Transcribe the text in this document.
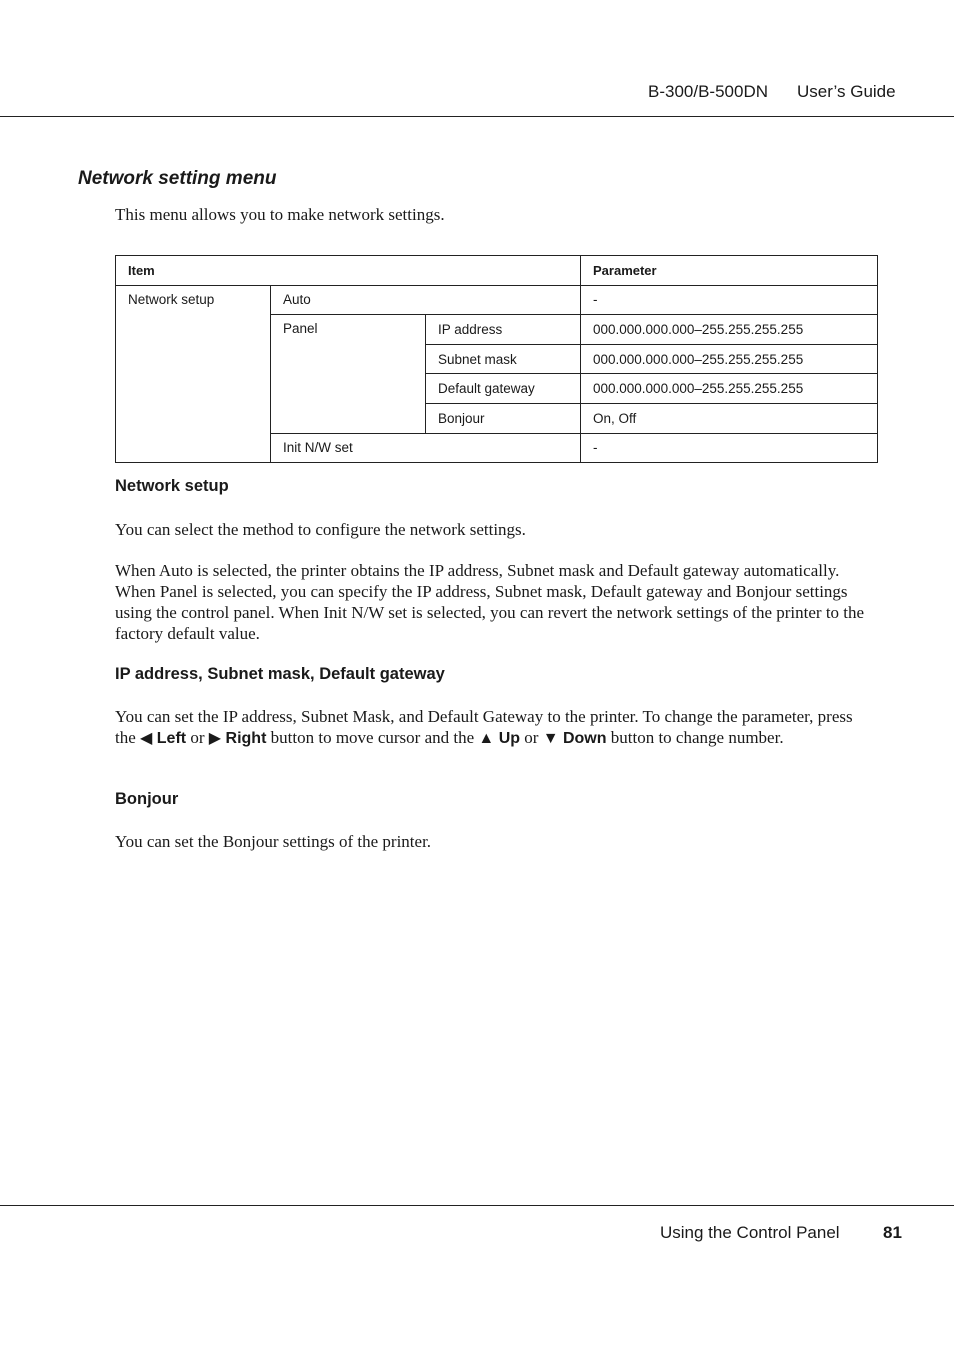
B-300/B-500DN User’s Guide
Network setting menu
This menu allows you to make network settings.
Item			Parameter
Network setup	Auto		-
	Panel	IP address	000.000.000.000–255.255.255.255
		Subnet mask	000.000.000.000–255.255.255.255
		Default gateway	000.000.000.000–255.255.255.255
		Bonjour	On, Off
	Init N/W set		-
Network setup
You can select the method to configure the network settings.
When Auto is selected, the printer obtains the IP address, Subnet mask and Default gateway automatically. When Panel is selected, you can specify the IP address, Subnet mask, Default gateway and Bonjour settings using the control panel. When Init N/W set is selected, you can revert the network settings of the printer to the factory default value.
IP address, Subnet mask, Default gateway
You can set the IP address, Subnet Mask, and Default Gateway to the printer. To change the parameter, press the ◀ Left or ▶ Right button to move cursor and the ▲ Up or ▼ Down button to change number.
Bonjour
You can set the Bonjour settings of the printer.
Using the Control Panel	81
